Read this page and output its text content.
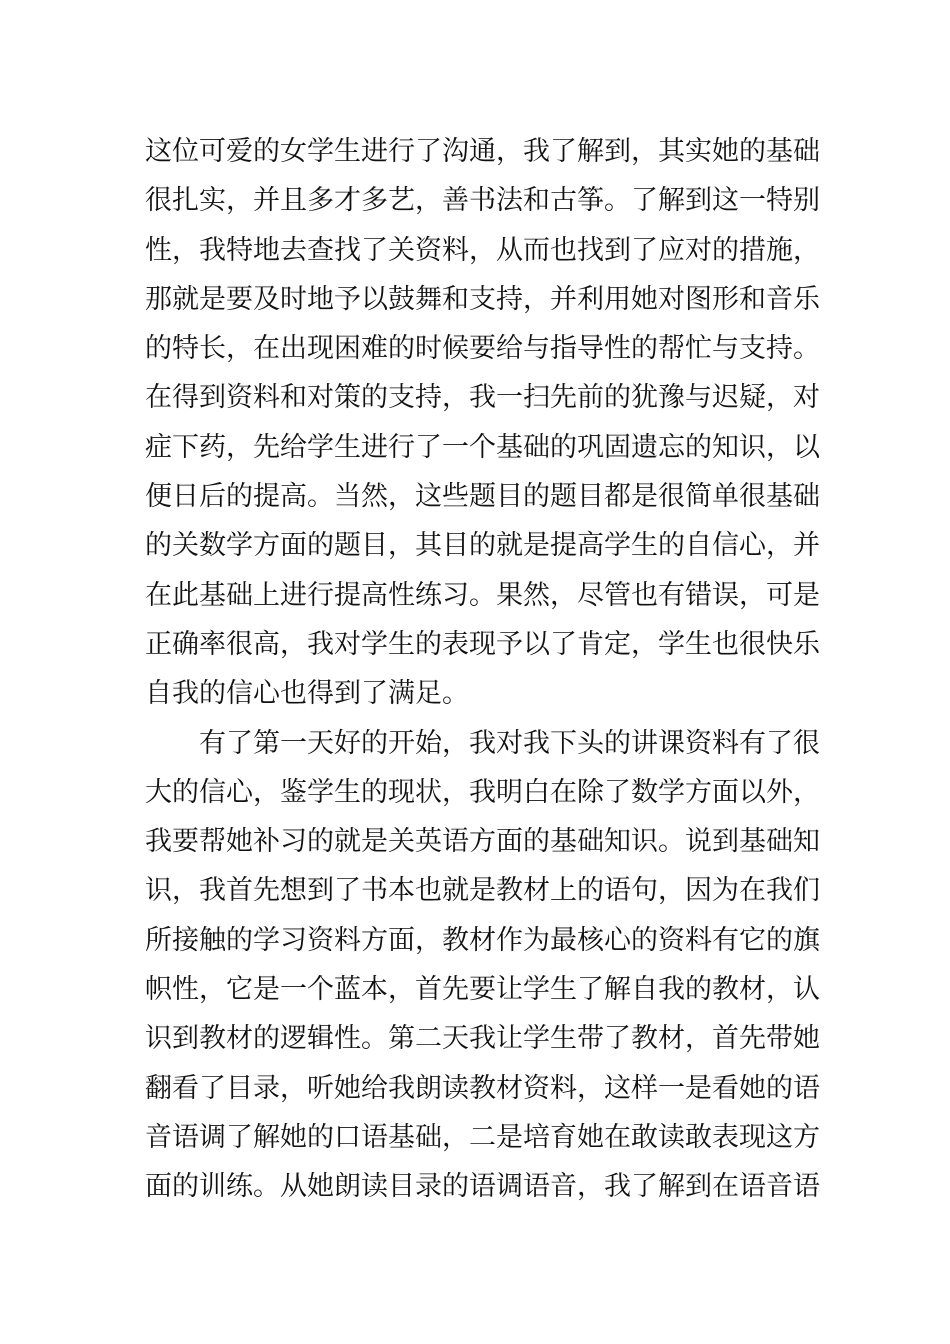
这位可爱的女学生进行了沟通，我了解到，其实她的基础
很扎实，并且多才多艺，善书法和古筝。了解到这一特别
性，我特地去查找了关资料，从而也找到了应对的措施，
那就是要及时地予以鼓舞和支持，并利用她对图形和音乐
的特长，在出现困难的时候要给与指导性的帮忙与支持。
在得到资料和对策的支持，我一扫先前的犹豫与迟疑，对
症下药，先给学生进行了一个基础的巩固遗忘的知识，以
便日后的提高。当然，这些题目的题目都是很简单很基础
的关数学方面的题目，其目的就是提高学生的自信心，并
在此基础上进行提高性练习。果然，尽管也有错误，可是
正确率很高，我对学生的表现予以了肯定，学生也很快乐
自我的信心也得到了满足。
有了第一天好的开始，我对我下头的讲课资料有了很
大的信心，鉴学生的现状，我明白在除了数学方面以外，
我要帮她补习的就是关英语方面的基础知识。说到基础知
识，我首先想到了书本也就是教材上的语句，因为在我们
所接触的学习资料方面，教材作为最核心的资料有它的旗
帜性，它是一个蓝本，首先要让学生了解自我的教材，认
识到教材的逻辑性。第二天我让学生带了教材，首先带她
翻看了目录，听她给我朗读教材资料，这样一是看她的语
音语调了解她的口语基础，二是培育她在敢读敢表现这方
面的训练。从她朗读目录的语调语音，我了解到在语音语
